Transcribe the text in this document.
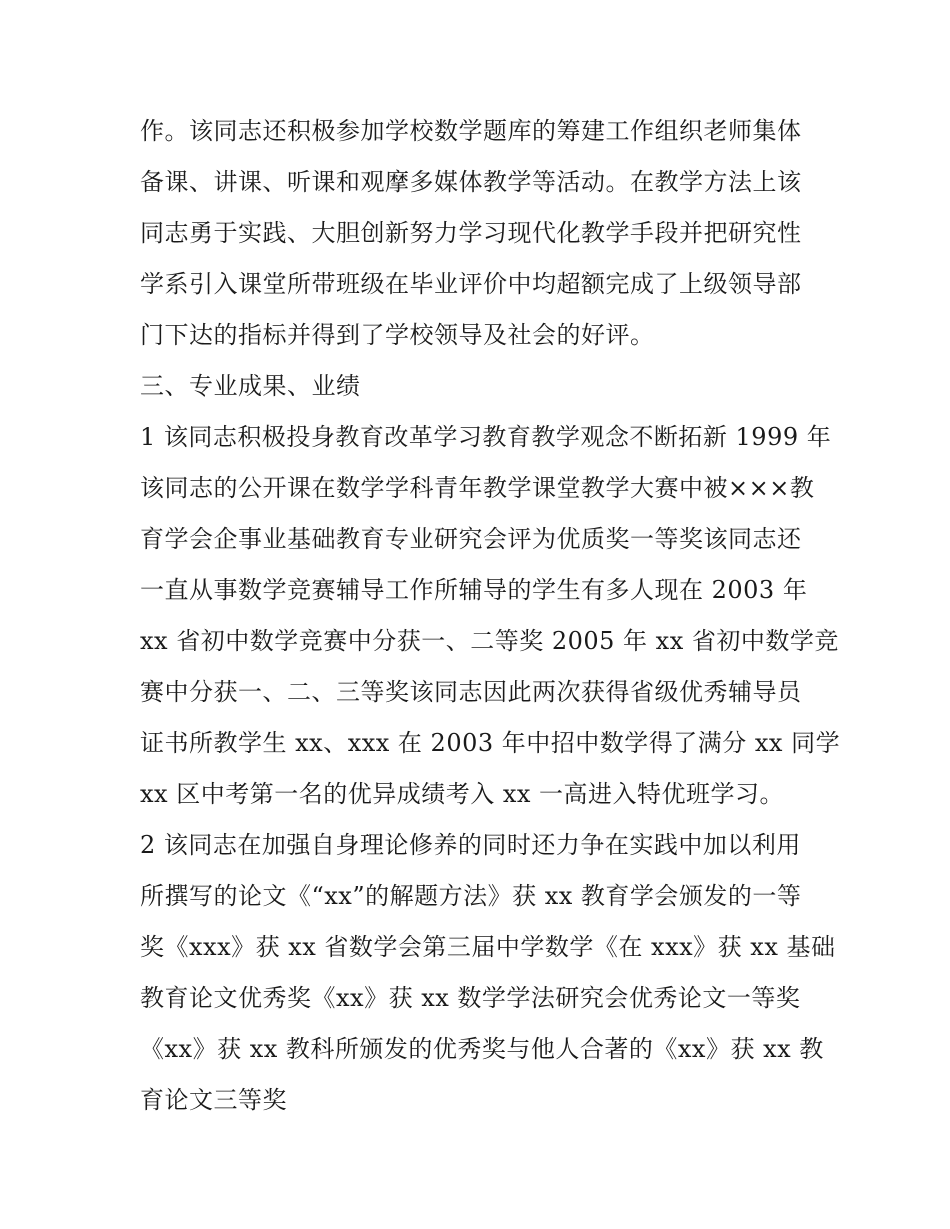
作。该同志还积极参加学校数学题库的筹建工作组织老师集体
备课、讲课、听课和观摩多媒体教学等活动。在教学方法上该
同志勇于实践、大胆创新努力学习现代化教学手段并把研究性
学系引入课堂所带班级在毕业评价中均超额完成了上级领导部
门下达的指标并得到了学校领导及社会的好评。
三、专业成果、业绩
1 该同志积极投身教育改革学习教育教学观念不断拓新 1999 年
该同志的公开课在数学学科青年教学课堂教学大赛中被×××教
育学会企事业基础教育专业研究会评为优质奖一等奖该同志还
一直从事数学竞赛辅导工作所辅导的学生有多人现在 2003 年
xx 省初中数学竞赛中分获一、二等奖 2005 年 xx 省初中数学竞
赛中分获一、二、三等奖该同志因此两次获得省级优秀辅导员
证书所教学生 xx、xxx 在 2003 年中招中数学得了满分 xx 同学
xx 区中考第一名的优异成绩考入 xx 一高进入特优班学习。
2 该同志在加强自身理论修养的同时还力争在实践中加以利用
所撰写的论文《“xx”的解题方法》获 xx 教育学会颁发的一等
奖《xxx》获 xx 省数学会第三届中学数学《在 xxx》获 xx 基础
教育论文优秀奖《xx》获 xx 数学学法研究会优秀论文一等奖
《xx》获 xx 教科所颁发的优秀奖与他人合著的《xx》获 xx 教
育论文三等奖
